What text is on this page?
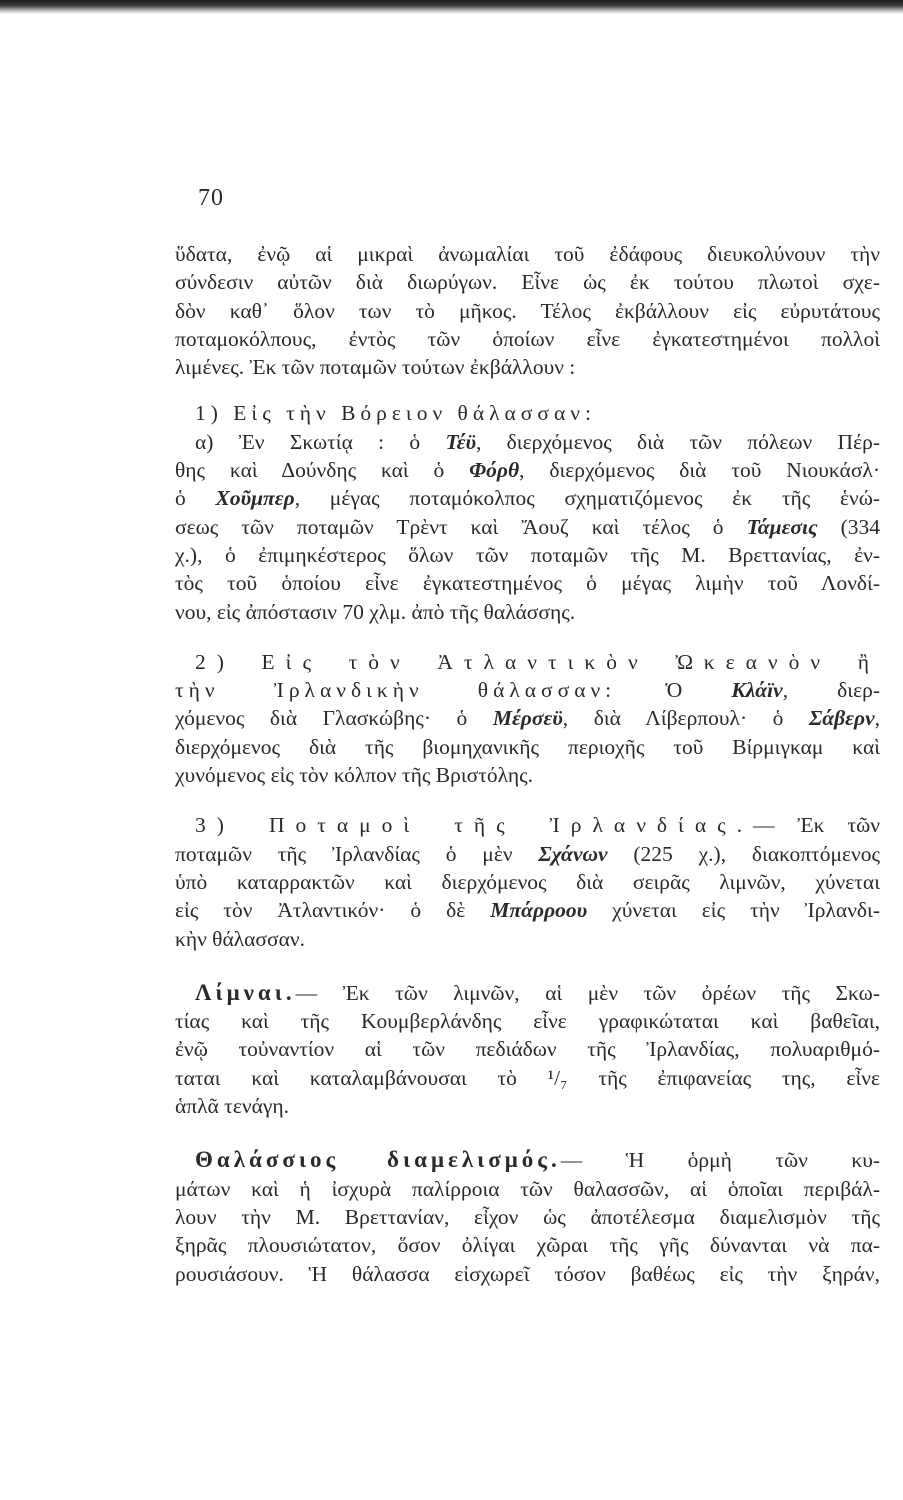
70
ὕδατα, ἐνῷ αἱ μικραὶ ἀνωμαλίαι τοῦ ἐδάφους διευκολύνουν τὴν
σύνδεσιν αὐτῶν διὰ διωρύγων. Εἶνε ὡς ἐκ τούτου πλωτοὶ σχε-
δὸν καθ᾽ ὅλον των τὸ μῆκος. Τέλος ἐκβάλλουν εἰς εὐρυτάτους
ποταμοκόλπους, ἐντὸς τῶν ὁποίων εἶνε ἐγκατεστημένοι πολλοὶ
λιμένες. Ἐκ τῶν ποταμῶν τούτων ἐκβάλλουν :
1) Εἰς τὴν Βόρειον θάλασσαν:
α) Ἐν Σκωτίᾳ : ὁ Τέϋ, διερχόμενος διὰ τῶν πόλεων Πέρ-
θης καὶ Δούνδης καὶ ὁ Φόρθ, διερχόμενος διὰ τοῦ Νιουκάσλ·
ὁ Χοῦμπερ, μέγας ποταμόκολπος σχηματιζόμενος ἐκ τῆς ἑνώ-
σεως τῶν ποταμῶν Τρὲντ καὶ Ἄουζ καὶ τέλος ὁ Τάμεσις (334
χ.), ὁ ἐπιμηκέστερος ὅλων τῶν ποταμῶν τῆς Μ. Βρεττανίας, ἐν-
τὸς τοῦ ὁποίου εἶνε ἐγκατεστημένος ὁ μέγας λιμὴν τοῦ Λονδί-
νου, εἰς ἀπόστασιν 70 χλμ. ἀπὸ τῆς θαλάσσης.
2) Εἰς τὸν Ἀτλαντικὸν Ὠκεανὸν ἢ
τὴν Ἰρλανδικὴν θάλασσαν: Ὁ Κλάϊν, διερ-
χόμενος διὰ Γλασκώβης· ὁ Μέρσεϋ, διὰ Λίβερπουλ· ὁ Σάβερν,
διερχόμενος διὰ τῆς βιομηχανικῆς περιοχῆς τοῦ Βίρμιγκαμ καὶ
χυνόμενος εἰς τὸν κόλπον τῆς Βριστόλης.
3) Ποταμοὶ τῆς Ἰρλανδίας.— Ἐκ τῶν
ποταμῶν τῆς Ἰρλανδίας ὁ μὲν Σχάνων (225 χ.), διακοπτόμενος
ὑπὸ καταρρακτῶν καὶ διερχόμενος διὰ σειρᾶς λιμνῶν, χύνεται
εἰς τὸν Ἀτλαντικόν· ὁ δὲ Μπάρροου χύνεται εἰς τὴν Ἰρλανδι-
κὴν θάλασσαν.
Λίμναι.— Ἐκ τῶν λιμνῶν, αἱ μὲν τῶν ὀρέων τῆς Σκω-
τίας καὶ τῆς Κουμβερλάνδης εἶνε γραφικώταται καὶ βαθεῖαι,
ἐνῷ τοὐναντίον αἱ τῶν πεδιάδων τῆς Ἰρλανδίας, πολυαριθμό-
ταται καὶ καταλαμβάνουσαι τὸ ¹/₇ τῆς ἐπιφανείας της, εἶνε
ἁπλᾶ τενάγη.
Θαλάσσιος διαμελισμός.— Ἡ ὁρμὴ τῶν κυ-
μάτων καὶ ἡ ἰσχυρὰ παλίρροια τῶν θαλασσῶν, αἱ ὁποῖαι περιβάλ-
λουν τὴν Μ. Βρεττανίαν, εἶχον ὡς ἀποτέλεσμα διαμελισμὸν τῆς
ξηρᾶς πλουσιώτατον, ὅσον ὀλίγαι χῶραι τῆς γῆς δύνανται νὰ πα-
ρουσιάσουν. Ἡ θάλασσα εἰσχωρεῖ τόσον βαθέως εἰς τὴν ξηράν,
